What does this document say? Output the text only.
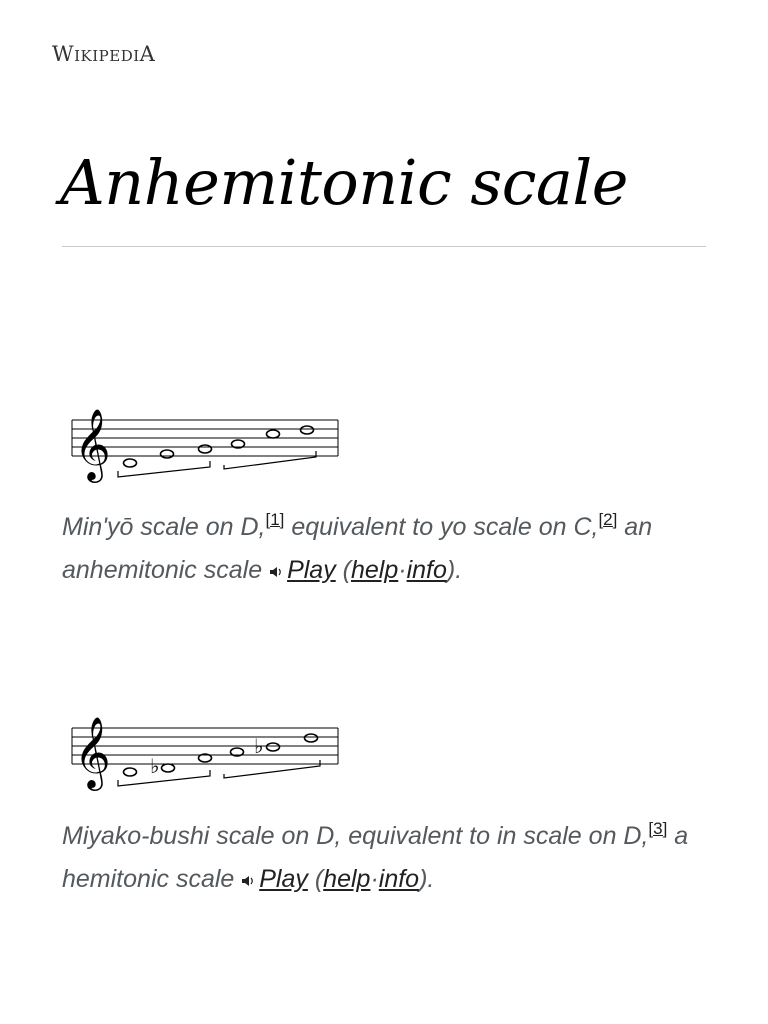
WikipediA
Anhemitonic scale
𝄞
Min'yō scale on D,[1] equivalent to yo scale on C,[2] an anhemitonic scale Play (help·info).
𝄞 ♭
♭
Miyako-bushi scale on D, equivalent to in scale on D,[3] a hemitonic scale Play (help·info).
